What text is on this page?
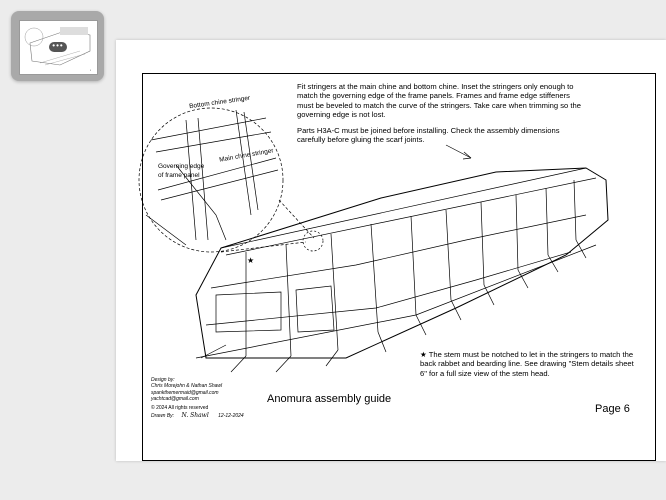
▪
•••

Fit stringers at the main chine and bottom chine. Inset the stringers only enough to match the governing edge of the frame panels. Frames and frame edge stiffeners must be beveled to match the curve of the stringers. Take care when trimming so the governing edge is not lost.

Parts H3A-C must be joined before installing. Check the assembly dimensions carefully before gluing the scarf joints.

Bottom chine stringer
Main chine stringer
Governing edge
of frame panel
★
★ The stem must be notched to let in the stringers to match the back rabbet and bearding line. See drawing "Stem details sheet 6" for a full size view of the stem head.
Design by:
Chris Morejohn & Nathan Shawl
spankthemermaid@gmail.com
yachtcad@gmail.com
© 2024 All rights reserved
Drawn By: N. Shawl 12-12-2024
Anomura assembly guide
Page 6
